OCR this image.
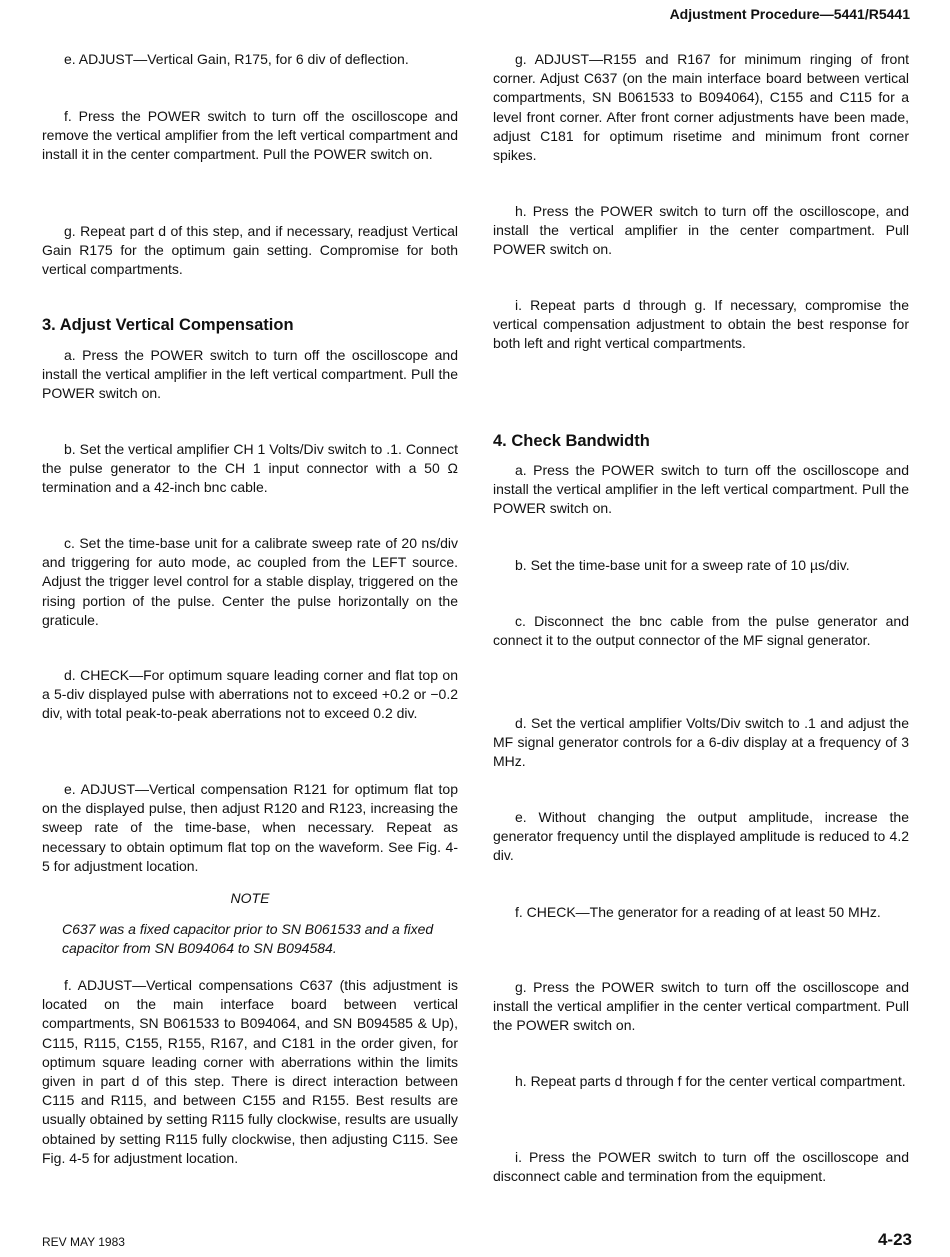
Adjustment Procedure—5441/R5441

e. ADJUST—Vertical Gain, R175, for 6 div of deflection.

f. Press the POWER switch to turn off the oscilloscope and remove the vertical amplifier from the left vertical compartment and install it in the center compartment. Pull the POWER switch on.

g. Repeat part d of this step, and if necessary, readjust Vertical Gain R175 for the optimum gain setting. Compromise for both vertical compartments.

3. Adjust Vertical Compensation

a. Press the POWER switch to turn off the oscilloscope and install the vertical amplifier in the left vertical compartment. Pull the POWER switch on.

b. Set the vertical amplifier CH 1 Volts/Div switch to .1. Connect the pulse generator to the CH 1 input connector with a 50 Ω termination and a 42-inch bnc cable.

c. Set the time-base unit for a calibrate sweep rate of 20 ns/div and triggering for auto mode, ac coupled from the LEFT source. Adjust the trigger level control for a stable display, triggered on the rising portion of the pulse. Center the pulse horizontally on the graticule.

d. CHECK—For optimum square leading corner and flat top on a 5-div displayed pulse with aberrations not to exceed +0.2 or −0.2 div, with total peak-to-peak aberrations not to exceed 0.2 div.

e. ADJUST—Vertical compensation R121 for optimum flat top on the displayed pulse, then adjust R120 and R123, increasing the sweep rate of the time-base, when necessary. Repeat as necessary to obtain optimum flat top on the waveform. See Fig. 4-5 for adjustment location.

NOTE

C637 was a fixed capacitor prior to SN B061533 and a fixed capacitor from SN B094064 to SN B094584.

f. ADJUST—Vertical compensations C637 (this adjustment is located on the main interface board between vertical compartments, SN B061533 to B094064, and SN B094585 & Up), C115, R115, C155, R155, R167, and C181 in the order given, for optimum square leading corner with aberrations within the limits given in part d of this step. There is direct interaction between C115 and R115, and between C155 and R155. Best results are usually obtained by setting R115 fully clockwise, results are usually obtained by setting R115 fully clockwise, then adjusting C115. See Fig. 4-5 for adjustment location.

g. ADJUST—R155 and R167 for minimum ringing of front corner. Adjust C637 (on the main interface board between vertical compartments, SN B061533 to B094064), C155 and C115 for a level front corner. After front corner adjustments have been made, adjust C181 for optimum risetime and minimum front corner spikes.

h. Press the POWER switch to turn off the oscilloscope, and install the vertical amplifier in the center compartment. Pull POWER switch on.

i. Repeat parts d through g. If necessary, compromise the vertical compensation adjustment to obtain the best response for both left and right vertical compartments.

4. Check Bandwidth

a. Press the POWER switch to turn off the oscilloscope and install the vertical amplifier in the left vertical compartment. Pull the POWER switch on.

b. Set the time-base unit for a sweep rate of 10 µs/div.

c. Disconnect the bnc cable from the pulse generator and connect it to the output connector of the MF signal generator.

d. Set the vertical amplifier Volts/Div switch to .1 and adjust the MF signal generator controls for a 6-div display at a frequency of 3 MHz.

e. Without changing the output amplitude, increase the generator frequency until the displayed amplitude is reduced to 4.2 div.

f. CHECK—The generator for a reading of at least 50 MHz.

g. Press the POWER switch to turn off the oscilloscope and install the vertical amplifier in the center vertical compartment. Pull the POWER switch on.

h. Repeat parts d through f for the center vertical compartment.

i. Press the POWER switch to turn off the oscilloscope and disconnect cable and termination from the equipment.

REV MAY 1983	4-23
